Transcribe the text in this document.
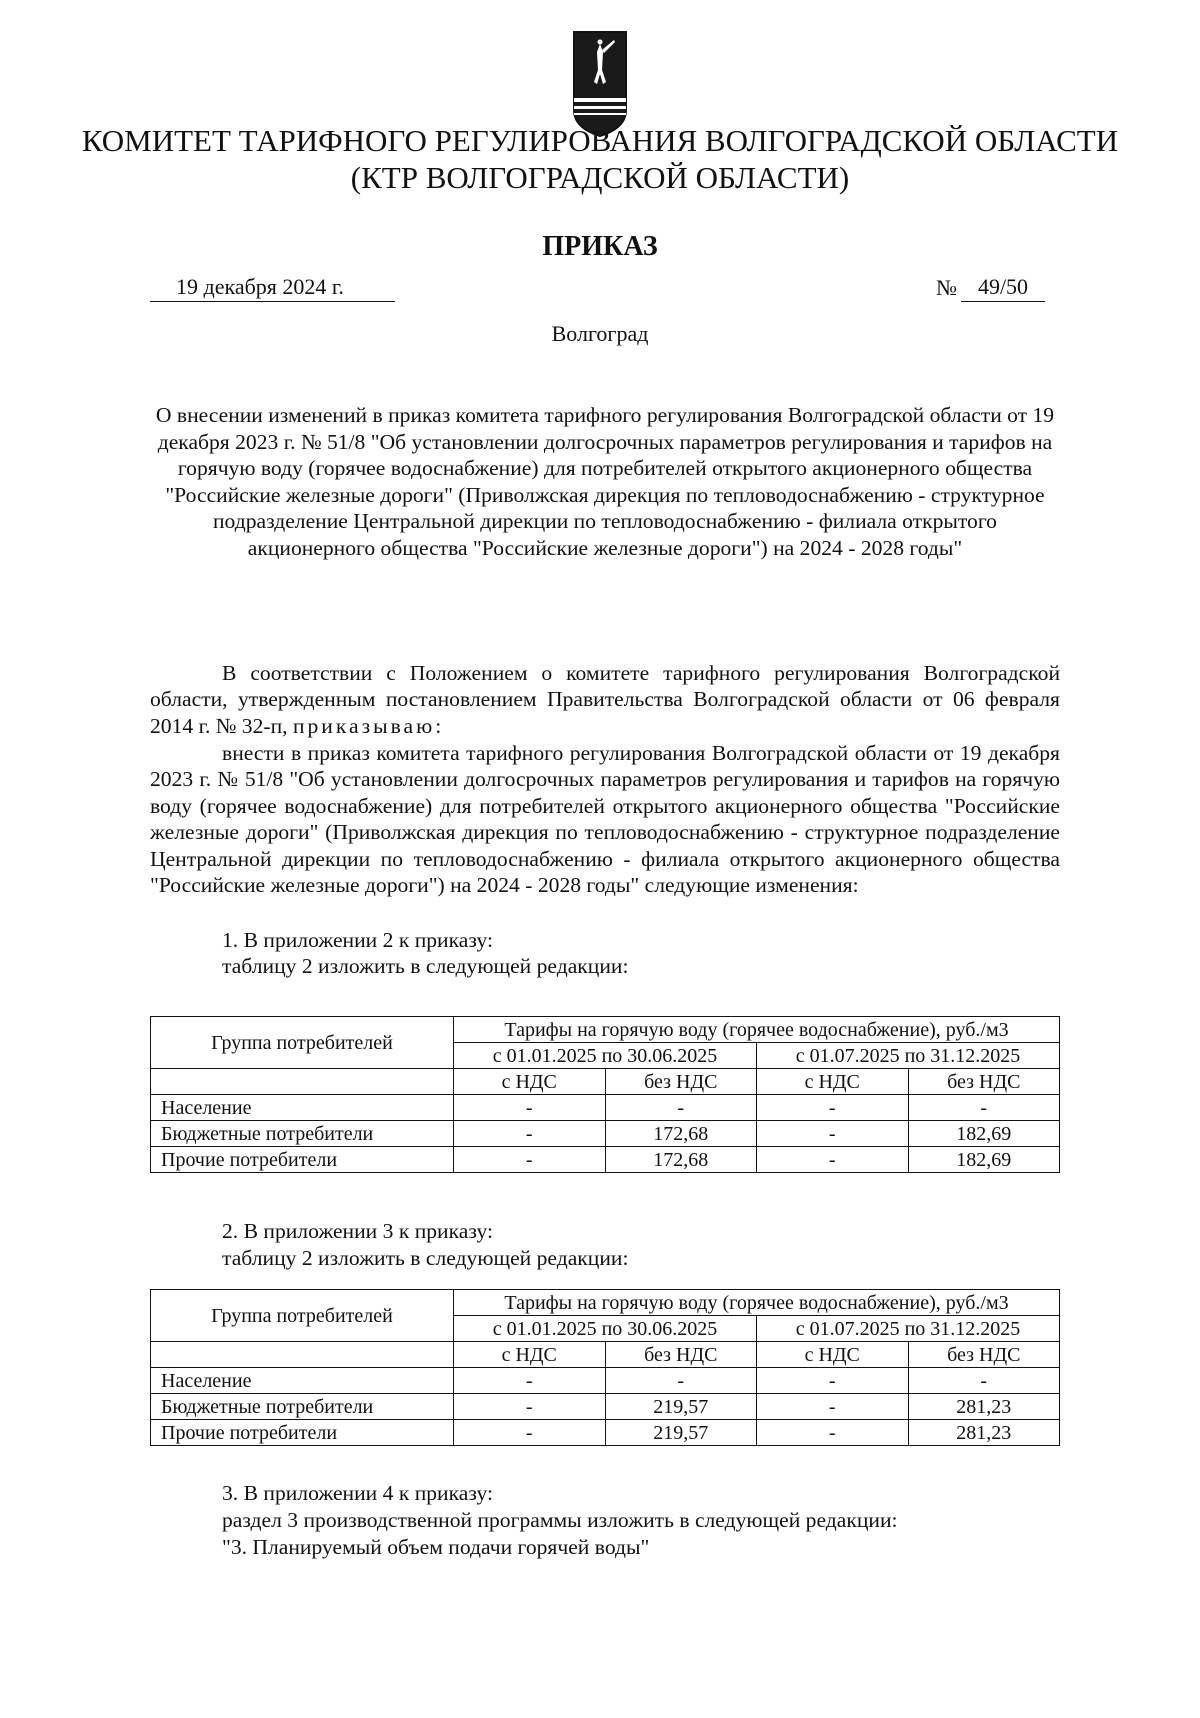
КОМИТЕТ ТАРИФНОГО РЕГУЛИРОВАНИЯ ВОЛГОГРАДСКОЙ ОБЛАСТИ
(КТР ВОЛГОГРАДСКОЙ ОБЛАСТИ)
ПРИКАЗ
19 декабря 2024 г.	№ 49/50
Волгоград
О внесении изменений в приказ комитета тарифного регулирования Волгоградской области от 19 декабря 2023 г. № 51/8 "Об установлении долгосрочных параметров регулирования и тарифов на горячую воду (горячее водоснабжение) для потребителей открытого акционерного общества "Российские железные дороги" (Приволжская дирекция по тепловодоснабжению - структурное подразделение Центральной дирекции по тепловодоснабжению - филиала открытого акционерного общества "Российские железные дороги") на 2024 - 2028 годы"
В соответствии с Положением о комитете тарифного регулирования Волгоградской области, утвержденным постановлением Правительства Волгоградской области от 06 февраля 2014 г. № 32-п, приказываю:
внести в приказ комитета тарифного регулирования Волгоградской области от 19 декабря 2023 г. № 51/8 "Об установлении долгосрочных параметров регулирования и тарифов на горячую воду (горячее водоснабжение) для потребителей открытого акционерного общества "Российские железные дороги" (Приволжская дирекция по тепловодоснабжению - структурное подразделение Центральной дирекции по тепловодоснабжению - филиала открытого акционерного общества "Российские железные дороги") на 2024 - 2028 годы" следующие изменения:
1. В приложении 2 к приказу:
таблицу 2 изложить в следующей редакции:
Группа потребителей	Тарифы на горячую воду (горячее водоснабжение), руб./м3			
	с 01.01.2025 по 30.06.2025		с 01.07.2025 по 31.12.2025	
	с НДС	без НДС	с НДС	без НДС
Население	-	-	-	-
Бюджетные потребители	-	172,68	-	182,69
Прочие потребители	-	172,68	-	182,69
2. В приложении 3 к приказу:
таблицу 2 изложить в следующей редакции:
Группа потребителей	Тарифы на горячую воду (горячее водоснабжение), руб./м3			
	с 01.01.2025 по 30.06.2025		с 01.07.2025 по 31.12.2025	
	с НДС	без НДС	с НДС	без НДС
Население	-	-	-	-
Бюджетные потребители	-	219,57	-	281,23
Прочие потребители	-	219,57	-	281,23
3. В приложении 4 к приказу:
раздел 3 производственной программы изложить в следующей редакции:
"3. Планируемый объем подачи горячей воды"
